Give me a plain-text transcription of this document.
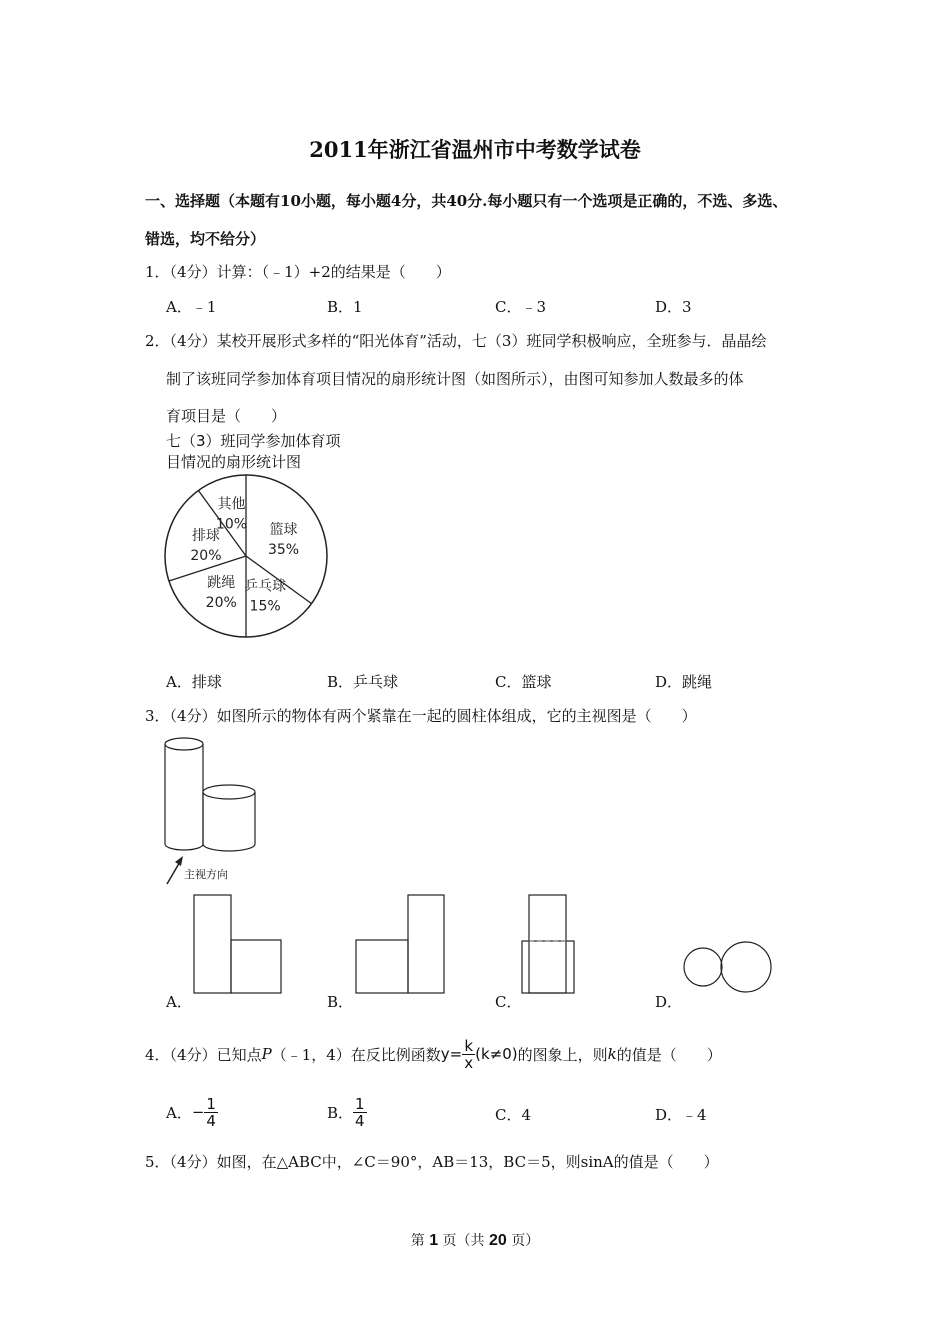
2011年浙江省温州市中考数学试卷
一、选择题（本题有10小题，每小题4分，共40分.每小题只有一个选项是正确的，不选、多选、
错选，均不给分）
1．（4分）计算：（﹣1）+2的结果是（　　）
A．﹣1	B．1	C．﹣3	D．3
2．（4分）某校开展形式多样的“阳光体育”活动，七（3）班同学积极响应，全班参与．晶晶绘
制了该班同学参加体育项目情况的扇形统计图（如图所示），由图可知参加人数最多的体
育项目是（　　）
七（3）班同学参加体育项
目情况的扇形统计图
篮球
35%
乒乓球
15%
跳绳
20%
排球
20%
其他
10%
A．排球	B．乒乓球	C．篮球	D．跳绳
3．（4分）如图所示的物体有两个紧靠在一起的圆柱体组成，它的主视图是（　　）
主视方向
A．	B．	C．	D．
4．（4分）已知点 P （﹣1，4）在反比例函数 $y= \frac{k}{x} (k\ne 0)$ 的图象上，则 k 的值是（　　）
A． − $\frac{1}{4}$	B． $\frac{1}{4}$	C．4	D．﹣4
5．（4分）如图，在△ABC中，∠C＝90°，AB＝13，BC＝5，则sinA的值是（　　）
第 1 页（共 20 页）
